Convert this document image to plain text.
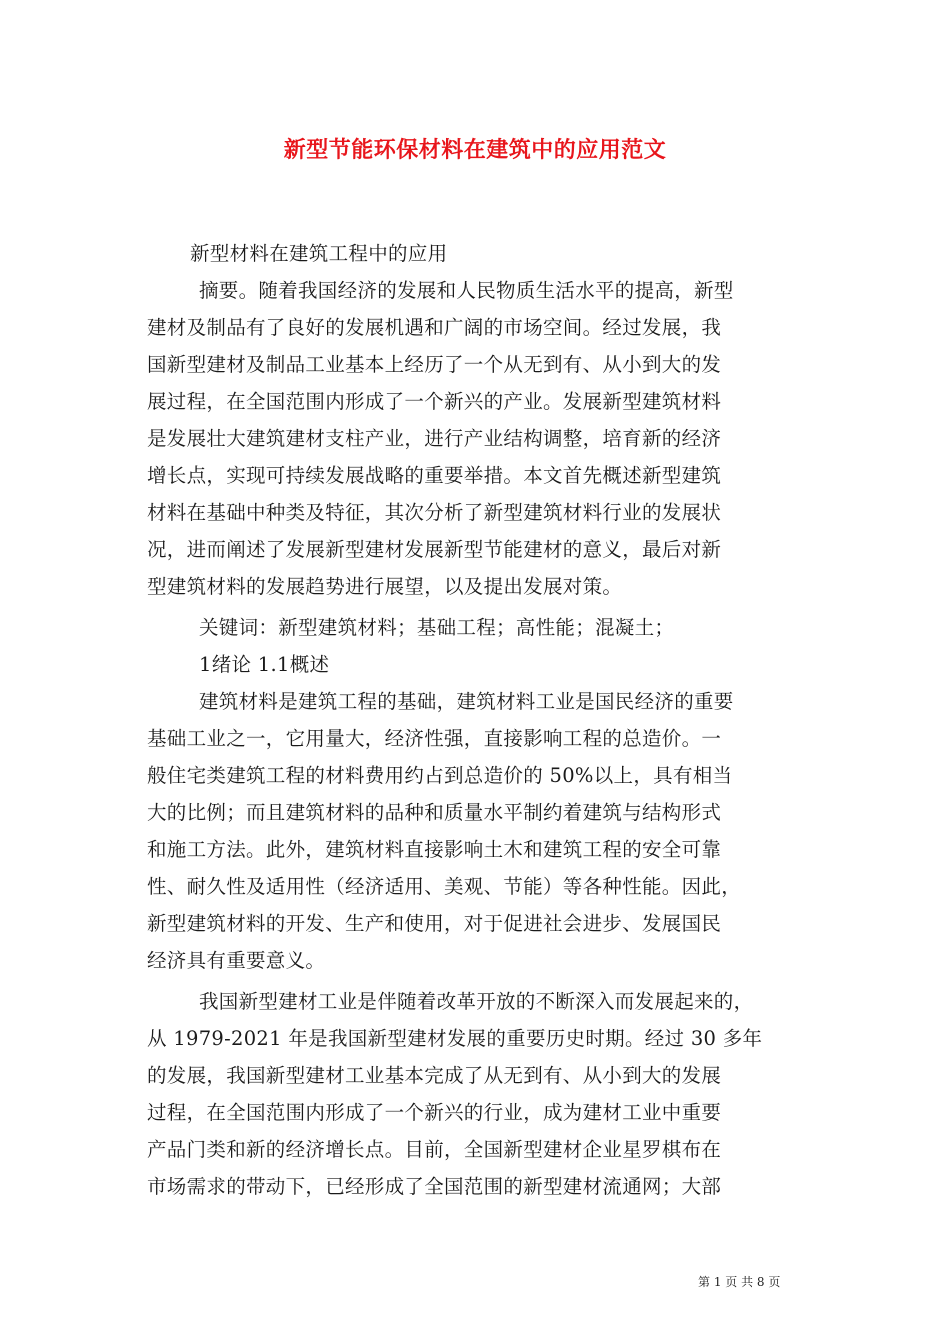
新型节能环保材料在建筑中的应用范文
新型材料在建筑工程中的应用
摘要。随着我国经济的发展和人民物质生活水平的提高，新型
建材及制品有了良好的发展机遇和广阔的市场空间。经过发展，我
国新型建材及制品工业基本上经历了一个从无到有、从小到大的发
展过程，在全国范围内形成了一个新兴的产业。发展新型建筑材料
是发展壮大建筑建材支柱产业，进行产业结构调整，培育新的经济
增长点，实现可持续发展战略的重要举措。本文首先概述新型建筑
材料在基础中种类及特征，其次分析了新型建筑材料行业的发展状
况，进而阐述了发展新型建材发展新型节能建材的意义，最后对新
型建筑材料的发展趋势进行展望，以及提出发展对策。
关键词：新型建筑材料；基础工程；高性能；混凝土；
1绪论 1.1概述
建筑材料是建筑工程的基础，建筑材料工业是国民经济的重要
基础工业之一，它用量大，经济性强，直接影响工程的总造价。一
般住宅类建筑工程的材料费用约占到总造价的 50%以上，具有相当
大的比例；而且建筑材料的品种和质量水平制约着建筑与结构形式
和施工方法。此外，建筑材料直接影响土木和建筑工程的安全可靠
性、耐久性及适用性（经济适用、美观、节能）等各种性能。因此，
新型建筑材料的开发、生产和使用，对于促进社会进步、发展国民
经济具有重要意义。
我国新型建材工业是伴随着改革开放的不断深入而发展起来的，
从 1979-2021 年是我国新型建材发展的重要历史时期。经过 30 多年
的发展，我国新型建材工业基本完成了从无到有、从小到大的发展
过程，在全国范围内形成了一个新兴的行业，成为建材工业中重要
产品门类和新的经济增长点。目前，全国新型建材企业星罗棋布在
市场需求的带动下，已经形成了全国范围的新型建材流通网；大部
第 1 页 共 8 页
